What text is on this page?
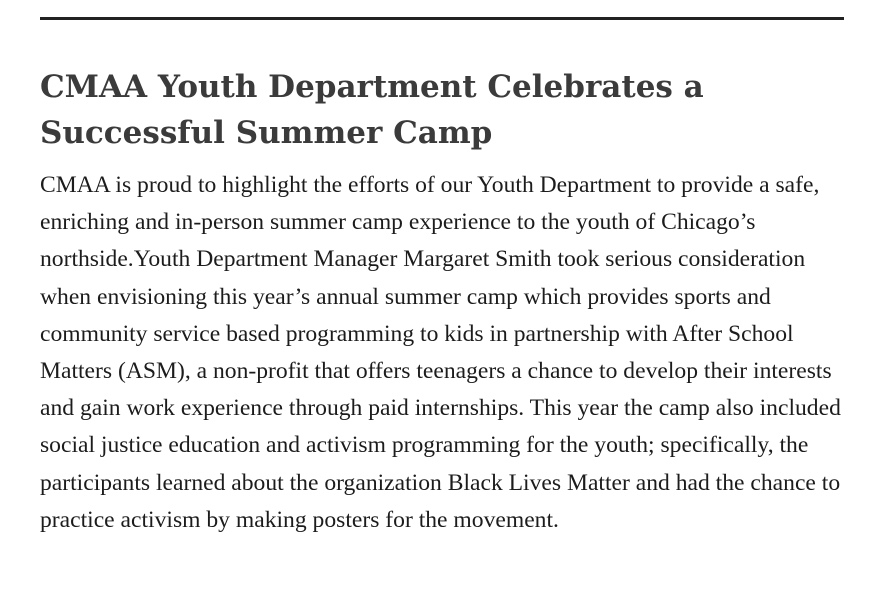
CMAA Youth Department Celebrates a Successful Summer Camp

CMAA is proud to highlight the efforts of our Youth Department to provide a safe, enriching and in-person summer camp experience to the youth of Chicago’s northside.Youth Department Manager Margaret Smith took serious consideration when envisioning this year’s annual summer camp which provides sports and community service based programming to kids in partnership with After School Matters (ASM), a non-profit that offers teenagers a chance to develop their interests and gain work experience through paid internships. This year the camp also included social justice education and activism programming for the youth; specifically, the participants learned about the organization Black Lives Matter and had the chance to practice activism by making posters for the movement.
